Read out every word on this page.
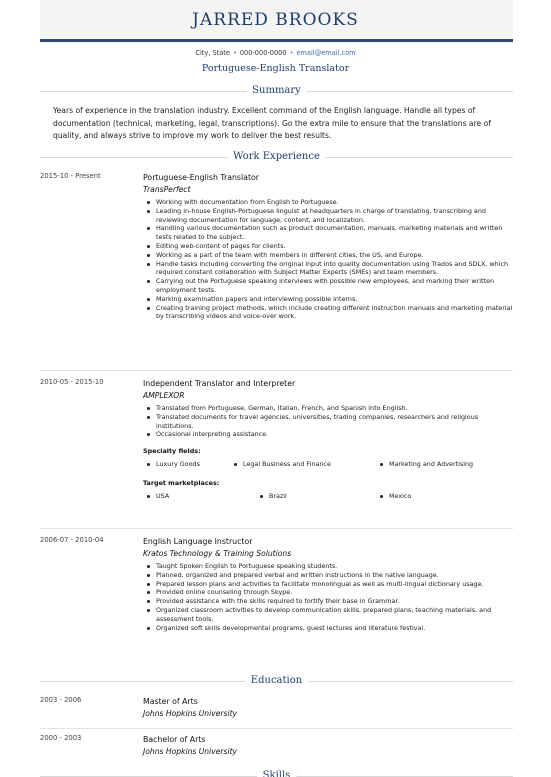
JARRED BROOKS
City, State • 000-000-0000 • email@email.com
Portuguese-English Translator
Summary
Years of experience in the translation industry. Excellent command of the English language. Handle all types of documentation (technical, marketing, legal, transcriptions). Go the extra mile to ensure that the translations are of quality, and always strive to improve my work to deliver the best results.
Work Experience
2015-10 - Present	Portuguese-English Translator
TransPerfect
Working with documentation from English to Portuguese.
Leading in-house English-Portuguese linguist at headquarters in charge of translating, transcribing and reviewing documentation for language, content, and localization.
Handling various documentation such as product documentation, manuals, marketing materials and written tests related to the subject.
Editing web-content of pages for clients.
Working as a part of the team with members in different cities, the US, and Europe.
Handle tasks including converting the original input into quality documentation using Trados and SDLX, which required constant collaboration with Subject Matter Experts (SMEs) and team members.
Carrying out the Portuguese speaking interviews with possible new employees, and marking their written employment tests.
Marking examination papers and interviewing possible interns.
Creating training project methods, which include creating different instruction manuals and marketing material by transcribing videos and voice-over work.
2010-05 - 2015-10	Independent Translator and Interpreter
AMPLEXOR
Translated from Portuguese, German, Italian, French, and Spanish into English.
Translated documents for travel agencies, universities, trading companies, researchers and religious institutions.
Occasional interpreting assistance.
Specialty fields:
Luxury Goods	Legal Business and Finance	Marketing and Advertising
Target marketplaces:
USA	Brazil	Mexico
2006-07 - 2010-04	English Language Instructor
Kratos Technology & Training Solutions
Taught Spoken English to Portuguese speaking students.
Planned, organized and prepared verbal and written instructions in the native language.
Prepared lesson plans and activities to facilitate monolingual as well as multi-lingual dictionary usage.
Provided online counseling through Skype.
Provided assistance with the skills required to fortify their base in Grammar.
Organized classroom activities to develop communication skills, prepared plans, teaching materials, and assessment tools.
Organized soft skills developmental programs, guest lectures and literature festival.
Education
2003 - 2006	Master of Arts
Johns Hopkins University
2000 - 2003	Bachelor of Arts
Johns Hopkins University
Skills
